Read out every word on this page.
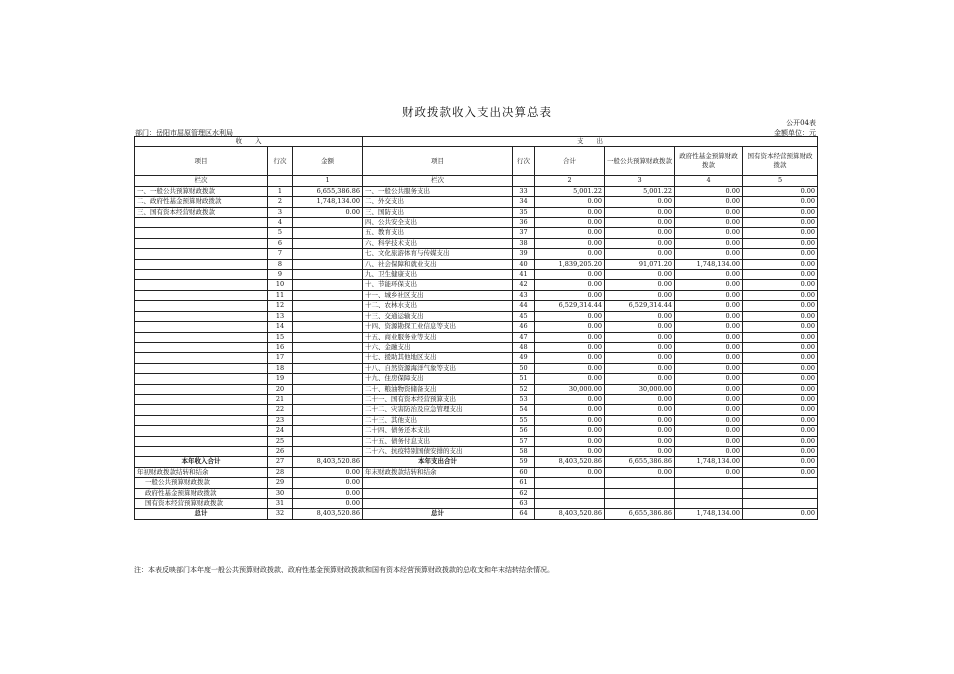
财政拨款收入支出决算总表
公开04表
部门：岳阳市屈原管理区水利局	金额单位：元
收　　入			支　　出					
项目	行次	金额	项目	行次	合计	一般公共预算财政拨款	政府性基金预算财政拨款	国有资本经营预算财政拨款
栏次		1	栏次		2	3	4	5
一、一般公共预算财政拨款	1	6,655,386.86	一、一般公共服务支出	33	5,001.22	5,001.22	0.00	0.00
二、政府性基金预算财政拨款	2	1,748,134.00	二、外交支出	34	0.00	0.00	0.00	0.00
三、国有资本经营财政拨款	3	0.00	三、国防支出	35	0.00	0.00	0.00	0.00
	4		四、公共安全支出	36	0.00	0.00	0.00	0.00
	5		五、教育支出	37	0.00	0.00	0.00	0.00
	6		六、科学技术支出	38	0.00	0.00	0.00	0.00
	7		七、文化旅游体育与传媒支出	39	0.00	0.00	0.00	0.00
	8		八、社会保障和就业支出	40	1,839,205.20	91,071.20	1,748,134.00	0.00
	9		九、卫生健康支出	41	0.00	0.00	0.00	0.00
	10		十、节能环保支出	42	0.00	0.00	0.00	0.00
	11		十一、城乡社区支出	43	0.00	0.00	0.00	0.00
	12		十二、农林水支出	44	6,529,314.44	6,529,314.44	0.00	0.00
	13		十三、交通运输支出	45	0.00	0.00	0.00	0.00
	14		十四、资源勘探工业信息等支出	46	0.00	0.00	0.00	0.00
	15		十五、商业服务业等支出	47	0.00	0.00	0.00	0.00
	16		十六、金融支出	48	0.00	0.00	0.00	0.00
	17		十七、援助其他地区支出	49	0.00	0.00	0.00	0.00
	18		十八、自然资源海洋气象等支出	50	0.00	0.00	0.00	0.00
	19		十九、住房保障支出	51	0.00	0.00	0.00	0.00
	20		二十、粮油物资储备支出	52	30,000.00	30,000.00	0.00	0.00
	21		二十一、国有资本经营预算支出	53	0.00	0.00	0.00	0.00
	22		二十二、灾害防治及应急管理支出	54	0.00	0.00	0.00	0.00
	23		二十三、其他支出	55	0.00	0.00	0.00	0.00
	24		二十四、债务还本支出	56	0.00	0.00	0.00	0.00
	25		二十五、债务付息支出	57	0.00	0.00	0.00	0.00
	26		二十六、抗疫特别国债安排的支出	58	0.00	0.00	0.00	0.00
本年收入合计	27	8,403,520.86	本年支出合计	59	8,403,520.86	6,655,386.86	1,748,134.00	0.00
年初财政拨款结转和结余	28	0.00	年末财政拨款结转和结余	60	0.00	0.00	0.00	0.00
一般公共预算财政拨款	29	0.00		61				
政府性基金预算财政拨款	30	0.00		62				
国有资本经营预算财政拨款	31	0.00		63				
总计	32	8,403,520.86	总计	64	8,403,520.86	6,655,386.86	1,748,134.00	0.00
注：本表反映部门本年度一般公共预算财政拨款、政府性基金预算财政拨款和国有资本经营预算财政拨款的总收支和年末结转结余情况。
